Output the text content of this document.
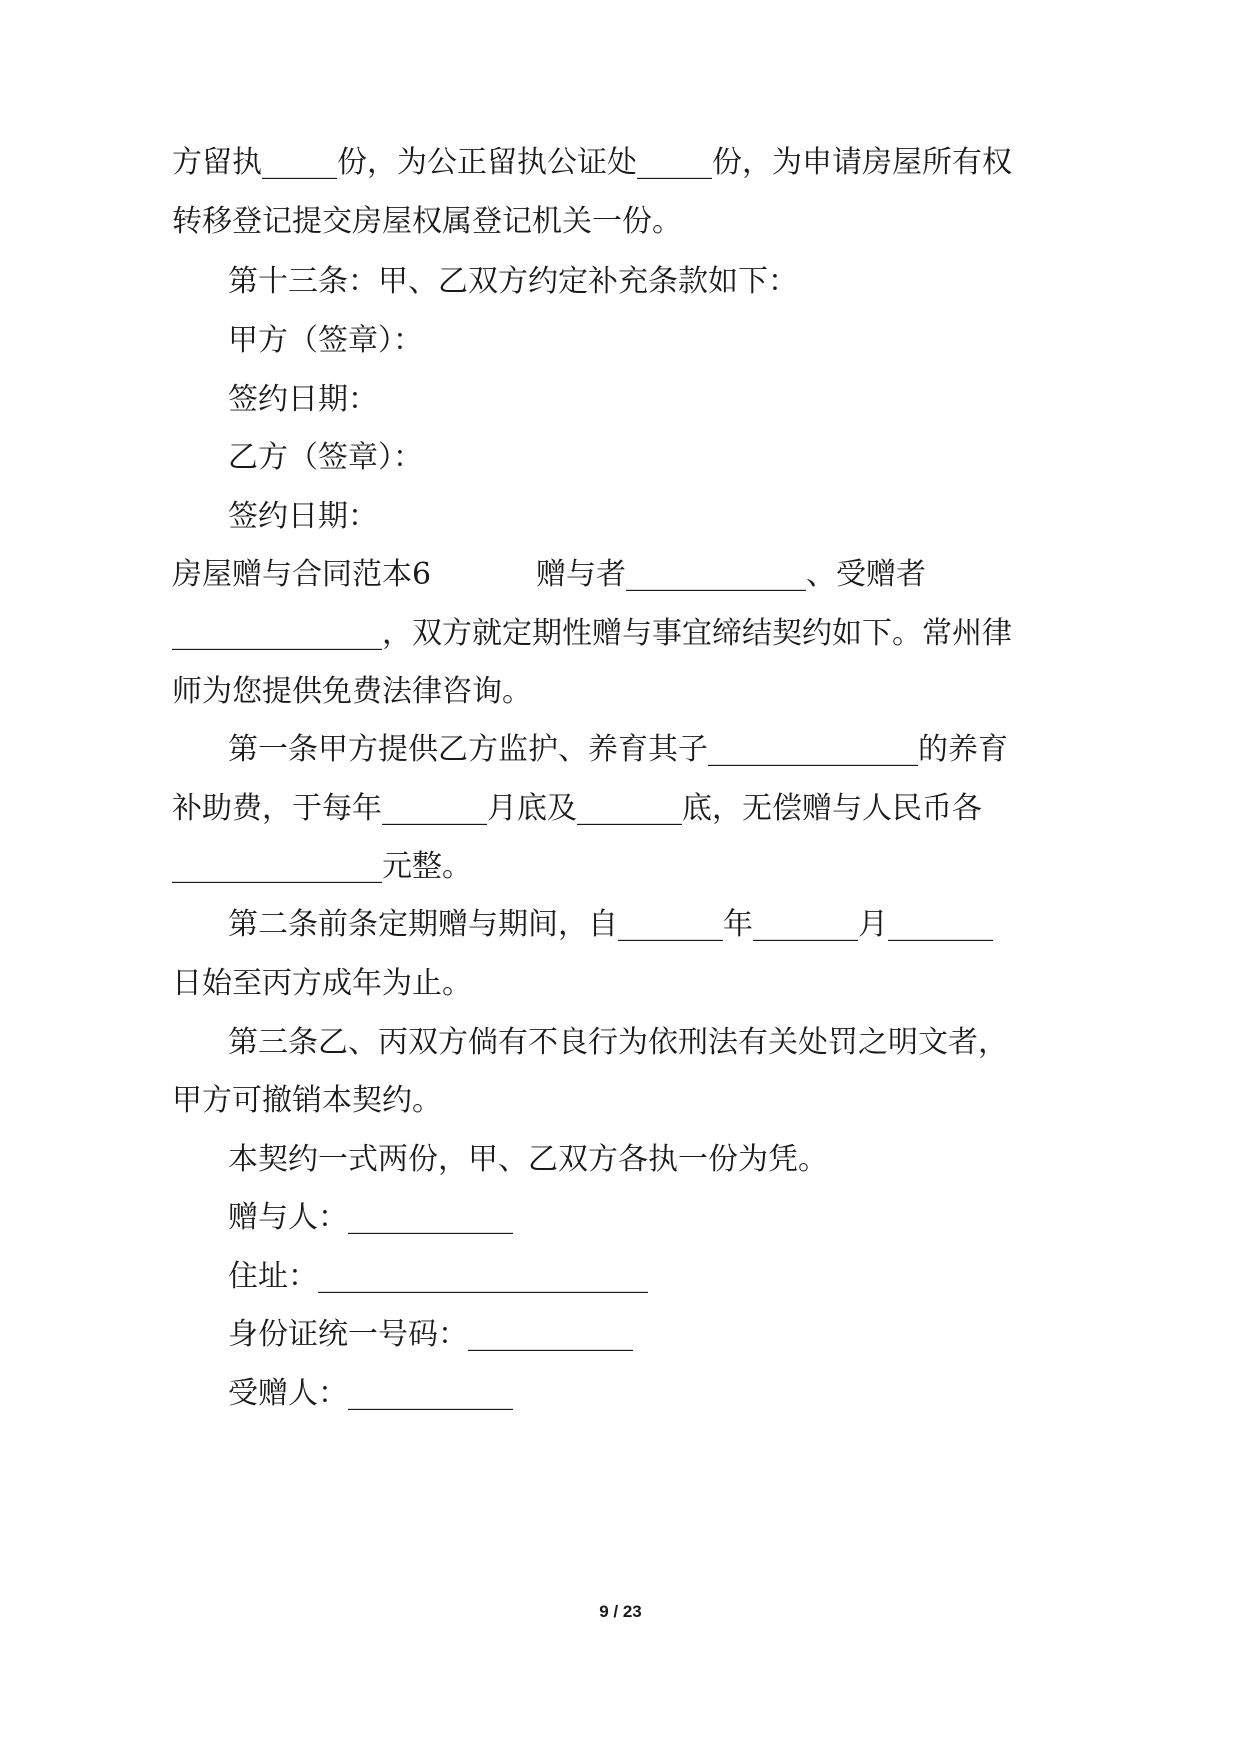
方 留 执 _ _ _ _ _ 份 ， 为 公 正 留 执 公 证 处 _ _ _ _ _ 份 ， 为 申 请 房 屋 所 有 权

转移登记提交房屋权属登记机关一份。

第十三条：甲、乙双方约定补充条款如下：

甲方（签章）：

签约日期：

乙方（签章）：

签约日期：

房屋赠与合同范本6	赠与者____________、受赠者

_ _ _ _ _ _ _ _ _ _ _ _ _ _ ， 双 方 就 定 期 性 赠 与 事 宜 缔 结 契 约 如 下 。 常 州 律

师为您提供免费法律咨询。

第 一 条 甲 方 提 供 乙 方 监 护 、 养 育 其 子 _ _ _ _ _ _ _ _ _ _ _ _ _ _ 的 养 育

补 助 费 ， 于 每 年 _ _ _ _ _ _ _ 月 底 及 _ _ _ _ _ _ _ 底 ， 无 偿 赠 与 人 民 币 各

______________元整。

第 二 条 前 条 定 期 赠 与 期 间 ， 自 _ _ _ _ _ _ _ 年 _ _ _ _ _ _ _ 月 _ _ _ _ _ _ _

日始至丙方成年为止。

第 三 条 乙 、 丙 双 方 倘 有 不 良 行 为 依 刑 法 有 关 处 罚 之 明 文 者 ，

甲方可撤销本契约。

本契约一式两份，甲、乙双方各执一份为凭。

赠与人：___________

住址：______________________

身份证统一号码：___________

受赠人：___________

9 / 23
